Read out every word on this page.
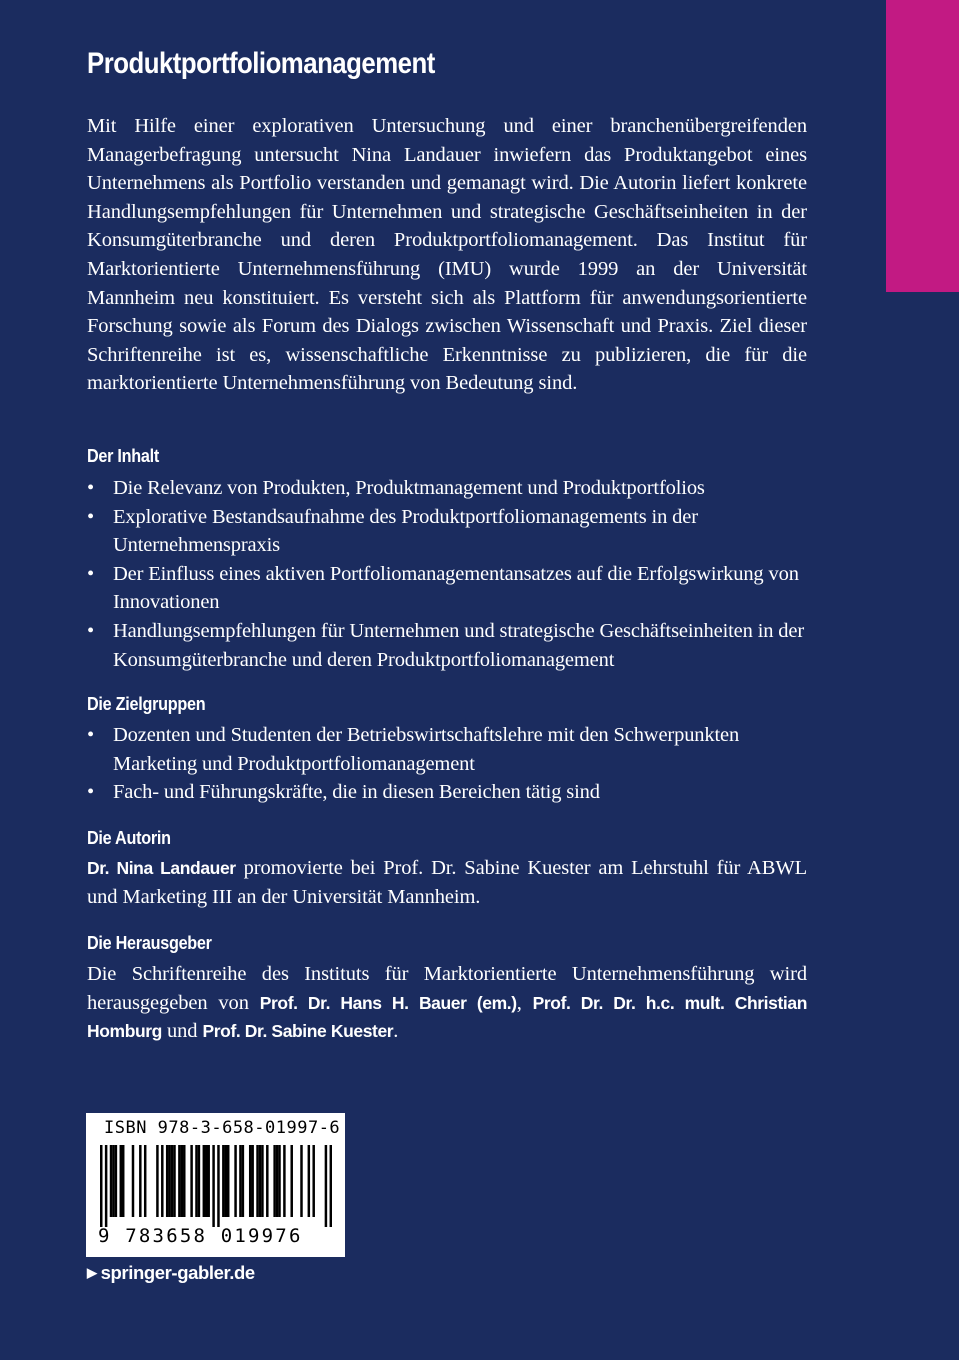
Produktportfoliomanagement

Mit Hilfe einer explorativen Untersuchung und einer branchenübergreifenden Managerbefragung untersucht Nina Landauer inwiefern das Produktangebot eines Unternehmens als Portfolio verstanden und gemanagt wird. Die Autorin liefert konkrete Handlungsempfehlungen für Unternehmen und strategische Geschäftseinheiten in der Konsumgüterbranche und deren Produktportfoliomanagement. Das Institut für Marktorientierte Unternehmensführung (IMU) wurde 1999 an der Universität Mannheim neu konstituiert. Es versteht sich als Plattform für anwendungsorientierte Forschung sowie als Forum des Dialogs zwischen Wissenschaft und Praxis. Ziel dieser Schriftenreihe ist es, wissenschaftliche Erkenntnisse zu publizieren, die für die marktorientierte Unternehmensführung von Bedeutung sind.

Der Inhalt
• Die Relevanz von Produkten, Produktmanagement und Produktportfolios
• Explorative Bestandsaufnahme des Produktportfoliomanagements in der Unternehmenspraxis
• Der Einfluss eines aktiven Portfoliomanagementansatzes auf die Erfolgswirkung von Innovationen
• Handlungsempfehlungen für Unternehmen und strategische Geschäftseinheiten in der Konsumgüterbranche und deren Produktportfoliomanagement
Die Zielgruppen
• Dozenten und Studenten der Betriebswirtschaftslehre mit den Schwerpunkten Marketing und Produktportfoliomanagement
• Fach- und Führungskräfte, die in diesen Bereichen tätig sind
Die Autorin

Dr. Nina Landauer promovierte bei Prof. Dr. Sabine Kuester am Lehrstuhl für ABWL und Marketing III an der Universität Mannheim.

Die Herausgeber

Die Schriftenreihe des Instituts für Marktorientierte Unternehmensführung wird herausgegeben von Prof. Dr. Hans H. Bauer (em.), Prof. Dr. Dr. h.c. mult. Christian Homburg und Prof. Dr. Sabine Kuester.

ISBN 978-3-658-01997-6
9 783658 019976
▶ springer-gabler.de
